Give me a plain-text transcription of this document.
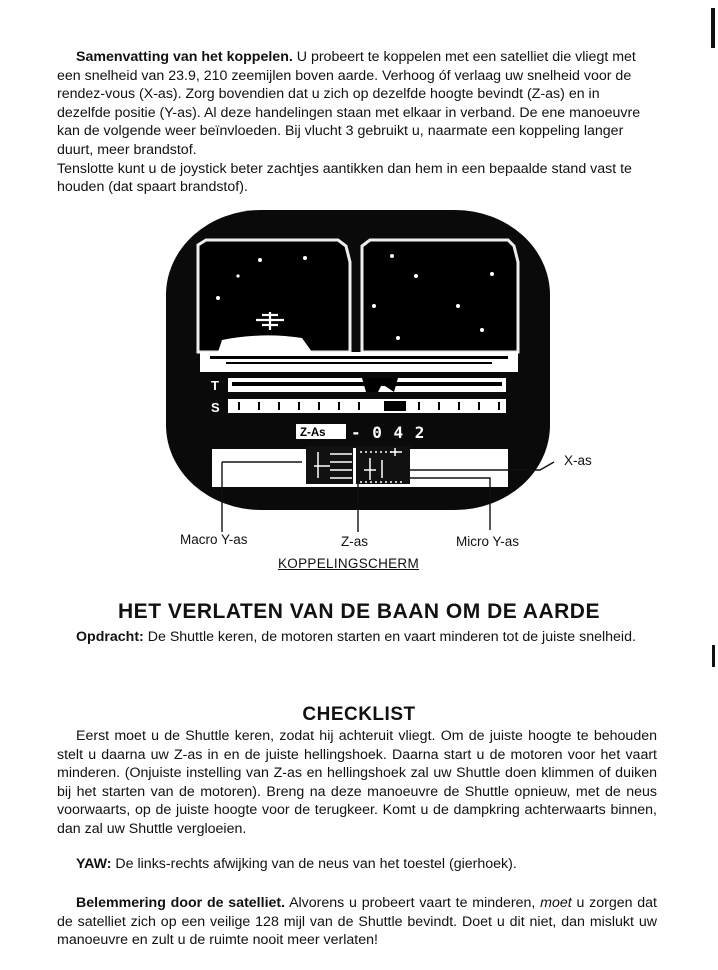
Samenvatting van het koppelen. U probeert te koppelen met een satelliet die vliegt met een snelheid van 23.9, 210 zeemijlen boven aarde. Verhoog óf verlaag uw snelheid voor de rendez-vous (X-as). Zorg bovendien dat u zich op dezelfde hoogte bevindt (Z-as) en in dezelfde positie (Y-as). Al deze handelingen staan met elkaar in verband. De ene manoeuvre kan de volgende weer beïnvloeden. Bij vlucht 3 gebruikt u, naarmate een koppeling langer duurt, meer brandstof.
Tenslotte kunt u de joystick beter zachtjes aantikken dan hem in een bepaalde stand vast te houden (dat spaart brandstof).

T
S
Z-As - 0 4 2
X-as
Macro Y-as	Z-as	Micro Y-as
KOPPELINGSCHERM
HET VERLATEN VAN DE BAAN OM DE AARDE

Opdracht: De Shuttle keren, de motoren starten en vaart minderen tot de juiste snelheid.

CHECKLIST

Eerst moet u de Shuttle keren, zodat hij achteruit vliegt. Om de juiste hoogte te behouden stelt u daarna uw Z-as in en de juiste hellingshoek. Daarna start u de motoren voor het vaart minderen. (Onjuiste instelling van Z-as en hellingshoek zal uw Shuttle doen klimmen of duiken bij het starten van de motoren). Breng na deze manoeuvre de Shuttle opnieuw, met de neus voorwaarts, op de juiste hoogte voor de terugkeer. Komt u de dampkring achterwaarts binnen, dan zal uw Shuttle vergloeien.

YAW: De links-rechts afwijking van de neus van het toestel (gierhoek).

Belemmering door de satelliet. Alvorens u probeert vaart te minderen, moet u zorgen dat de satelliet zich op een veilige 128 mijl van de Shuttle bevindt. Doet u dit niet, dan mislukt uw manoeuvre en zult u de ruimte nooit meer verlaten!
